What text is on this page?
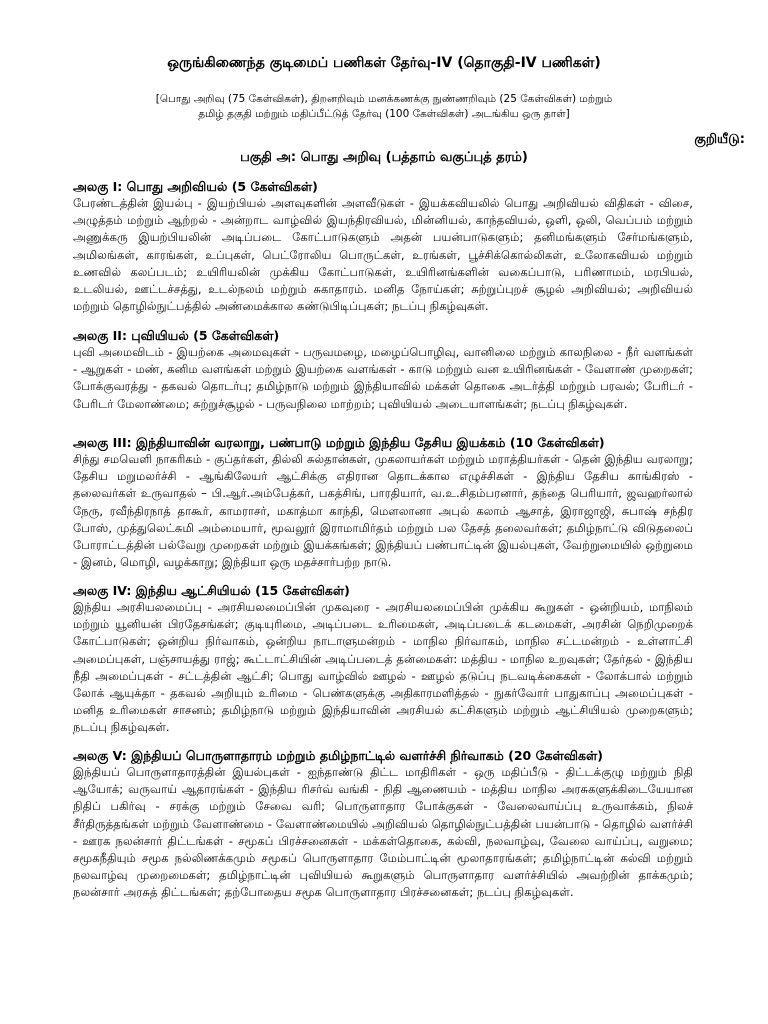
ஒருங்கிணைந்த குடிமைப் பணிகள் தேர்வு-IV (தொகுதி-IV பணிகள்)
[பொது அறிவு (75 கேள்விகள்), திறனறிவும் மனக்கணக்கு நுண்ணறிவும் (25 கேள்விகள்) மற்றும்
தமிழ் தகுதி மற்றும் மதிப்பீட்டுத் தேர்வு (100 கேள்விகள்) அடங்கிய ஒரு தாள்]
குறியீடு:
பகுதி அ: பொது அறிவு (பத்தாம் வகுப்புத் தரம்)
அலகு I: பொது அறிவியல் (5 கேள்விகள்)
பேரண்டத்தின் இயல்பு - இயற்பியல் அளவுகளின் அளவீடுகள் - இயக்கவியலில் பொது அறிவியல் விதிகள் - விசை, அழுத்தம் மற்றும் ஆற்றல் - அன்றாட வாழ்வில் இயந்திரவியல், மின்னியல், காந்தவியல், ஒளி, ஒலி, வெப்பம் மற்றும் அணுக்கரு இயற்பியலின் அடிப்படை கோட்பாடுகளும் அதன் பயன்பாடுகளும்; தனிமங்களும் சேர்மங்களும், அமிலங்கள், காரங்கள், உப்புகள், பெட்ரோலிய பொருட்கள், உரங்கள், பூச்சிக்கொல்லிகள், உலோகவியல் மற்றும் உணவில் கலப்படம்; உயிரியலின் முக்கிய கோட்பாடுகள், உயிரினங்களின் வகைப்பாடு, பரிணாமம், மரபியல், உடலியல், ஊட்டச்சத்து, உடல்நலம் மற்றும் சுகாதாரம். மனித நோய்கள்; சுற்றுப்புறச் சூழல் அறிவியல்; அறிவியல் மற்றும் தொழில்நுட்பத்தில் அண்மைக்கால கண்டுபிடிப்புகள்; நடப்பு நிகழ்வுகள்.
அலகு II: புவியியல் (5 கேள்விகள்)
புவி அமைவிடம் - இயற்கை அமைவுகள் - பருவமழை, மழைப்பொழிவு, வானிலை மற்றும் காலநிலை - நீர் வளங்கள் - ஆறுகள் - மண், கனிம வளங்கள் மற்றும் இயற்கை வளங்கள் - காடு மற்றும் வன உயிரினங்கள் - வேளாண் முறைகள்; போக்குவரத்து - தகவல் தொடர்பு; தமிழ்நாடு மற்றும் இந்தியாவில் மக்கள் தொகை அடர்த்தி மற்றும் பரவல்; பேரிடர் - பேரிடர் மேலாண்மை; சுற்றுச்சூழல் - பருவநிலை மாற்றம்; புவியியல் அடையாளங்கள்; நடப்பு நிகழ்வுகள்.
அலகு III: இந்தியாவின் வரலாறு, பண்பாடு மற்றும் இந்திய தேசிய இயக்கம் (10 கேள்விகள்)
சிந்து சமவெளி நாகரிகம் - குப்தர்கள், தில்லி சுல்தான்கள், முகலாயர்கள் மற்றும் மராத்தியர்கள் - தென் இந்திய வரலாறு; தேசிய மறுமலர்ச்சி - ஆங்கிலேயர் ஆட்சிக்கு எதிரான தொடக்கால எழுச்சிகள் - இந்திய தேசிய காங்கிரஸ் - தலைவர்கள் உருவாதல் – பி.ஆர்.அம்பேத்கர், பகத்சிங், பாரதியார், வ.உ.சிதம்பரனார், தந்தை பெரியார், ஜவஹர்லால் நேரு, ரவீந்திரநாத் தாகூர், காமராசர், மகாத்மா காந்தி, மௌலானா அபுல் கலாம் ஆசாத், இராஜாஜி, சுபாஷ் சந்திர போஸ், முத்துலெட்சுமி அம்மையார், மூவலூர் இராமாமிர்தம் மற்றும் பல தேசத் தலைவர்கள்; தமிழ்நாட்டு விடுதலைப் போராட்டத்தின் பல்வேறு முறைகள் மற்றும் இயக்கங்கள்; இந்தியப் பண்பாட்டின் இயல்புகள், வேற்றுமையில் ஒற்றுமை - இனம், மொழி, வழக்காறு; இந்தியா ஒரு மதச்சார்பற்ற நாடு.
அலகு IV: இந்திய ஆட்சியியல் (15 கேள்விகள்)
இந்திய அரசியலமைப்பு - அரசியலமைப்பின் முகவுரை - அரசியலமைப்பின் முக்கிய கூறுகள் - ஒன்றியம், மாநிலம் மற்றும் யூனியன் பிரதேசங்கள்; குடியுரிமை, அடிப்படை உரிமைகள், அடிப்படைக் கடமைகள், அரசின் நெறிமுறைக் கோட்பாடுகள்; ஒன்றிய நிர்வாகம், ஒன்றிய நாடாளுமன்றம் - மாநில நிர்வாகம், மாநில சட்டமன்றம் - உள்ளாட்சி அமைப்புகள், பஞ்சாயத்து ராஜ்; கூட்டாட்சியின் அடிப்படைத் தன்மைகள்: மத்திய - மாநில உறவுகள்; தேர்தல் - இந்திய நீதி அமைப்புகள் - சட்டத்தின் ஆட்சி; பொது வாழ்வில் ஊழல் - ஊழல் தடுப்பு நடவடிக்கைகள் - லோக்பால் மற்றும் லோக் ஆயுக்தா - தகவல் அறியும் உரிமை - பெண்களுக்கு அதிகாரமளித்தல் - நுகர்வோர் பாதுகாப்பு அமைப்புகள் - மனித உரிமைகள் சாசனம்; தமிழ்நாடு மற்றும் இந்தியாவின் அரசியல் கட்சிகளும் மற்றும் ஆட்சியியல் முறைகளும்; நடப்பு நிகழ்வுகள்.
அலகு V: இந்தியப் பொருளாதாரம் மற்றும் தமிழ்நாட்டில் வளர்ச்சி நிர்வாகம் (20 கேள்விகள்)
இந்தியப் பொருளாதாரத்தின் இயல்புகள் - ஐந்தாண்டு திட்ட மாதிரிகள் - ஒரு மதிப்பீடு - திட்டக்குழு மற்றும் நிதி ஆயோக்; வருவாய் ஆதாரங்கள் - இந்திய ரிசர்வ் வங்கி - நிதி ஆணையம் - மத்திய மாநில அரசுகளுக்கிடையேயான நிதிப் பகிர்வு - சரக்கு மற்றும் சேவை வரி; பொருளாதார போக்குகள் - வேலைவாய்ப்பு உருவாக்கம், நிலச் சீர்திருத்தங்கள் மற்றும் வேளாண்மை - வேளாண்மையில் அறிவியல் தொழில்நுட்பத்தின் பயன்பாடு - தொழில் வளர்ச்சி - ஊரக நலன்சார் திட்டங்கள் - சமூகப் பிரச்சனைகள் - மக்கள்தொகை, கல்வி, நலவாழ்வு, வேலை வாய்ப்பு, வறுமை; சமூகநீதியும் சமூக நல்லிணக்கமும் சமூகப் பொருளாதார மேம்பாட்டின் மூலாதாரங்கள்; தமிழ்நாட்டின் கல்வி மற்றும் நலவாழ்வு முறைமைகள்; தமிழ்நாட்டின் புவியியல் கூறுகளும் பொருளாதார வளர்ச்சியில் அவற்றின் தாக்கமும்; நலன்சார் அரசுத் திட்டங்கள்; தற்போதைய சமூக பொருளாதார பிரச்சனைகள்; நடப்பு நிகழ்வுகள்.
